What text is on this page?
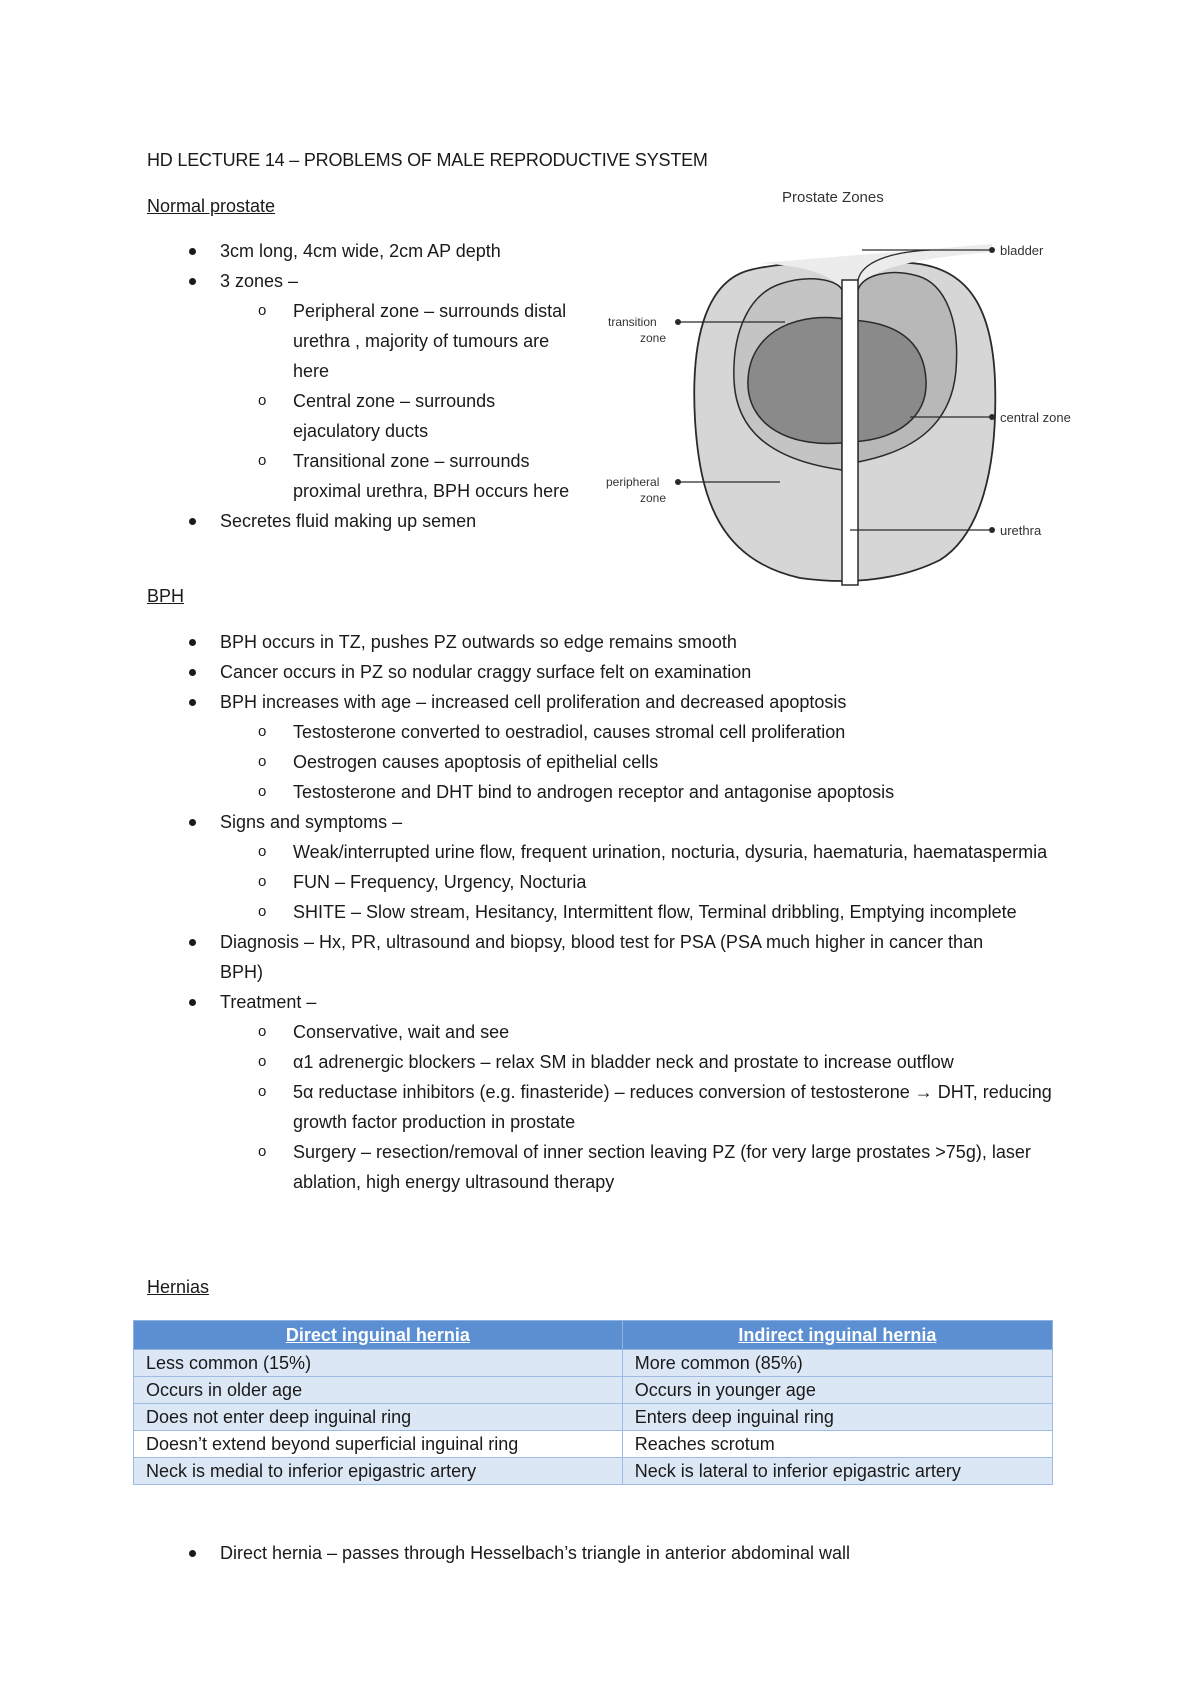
HD LECTURE 14 – PROBLEMS OF MALE REPRODUCTIVE SYSTEM
Normal prostate
3cm long, 4cm wide, 2cm AP depth
3 zones –
o Peripheral zone – surrounds distal urethra , majority of tumours are here
o Central zone – surrounds ejaculatory ducts
o Transitional zone – surrounds proximal urethra, BPH occurs here
Secretes fluid making up semen
Prostate Zones
bladder
transition
zone
central zone
peripheral
zone
urethra
BPH
BPH occurs in TZ, pushes PZ outwards so edge remains smooth
Cancer occurs in PZ so nodular craggy surface felt on examination
BPH increases with age – increased cell proliferation and decreased apoptosis
o Testosterone converted to oestradiol, causes stromal cell proliferation
o Oestrogen causes apoptosis of epithelial cells
o Testosterone and DHT bind to androgen receptor and antagonise apoptosis
Signs and symptoms –
o Weak/interrupted urine flow, frequent urination, nocturia, dysuria, haematuria, haemataspermia
o FUN – Frequency, Urgency, Nocturia
o SHITE – Slow stream, Hesitancy, Intermittent flow, Terminal dribbling, Emptying incomplete
Diagnosis – Hx, PR, ultrasound and biopsy, blood test for PSA (PSA much higher in cancer than BPH)
Treatment –
o Conservative, wait and see
o α1 adrenergic blockers – relax SM in bladder neck and prostate to increase outflow
o 5α reductase inhibitors (e.g. finasteride) – reduces conversion of testosterone → DHT, reducing growth factor production in prostate
o Surgery – resection/removal of inner section leaving PZ (for very large prostates >75g), laser ablation, high energy ultrasound therapy
Hernias
Direct inguinal hernia	Indirect inguinal hernia
Less common (15%)	More common (85%)
Occurs in older age	Occurs in younger age
Does not enter deep inguinal ring	Enters deep inguinal ring
Doesn’t extend beyond superficial inguinal ring	Reaches scrotum
Neck is medial to inferior epigastric artery	Neck is lateral to inferior epigastric artery
Direct hernia – passes through Hesselbach’s triangle in anterior abdominal wall
